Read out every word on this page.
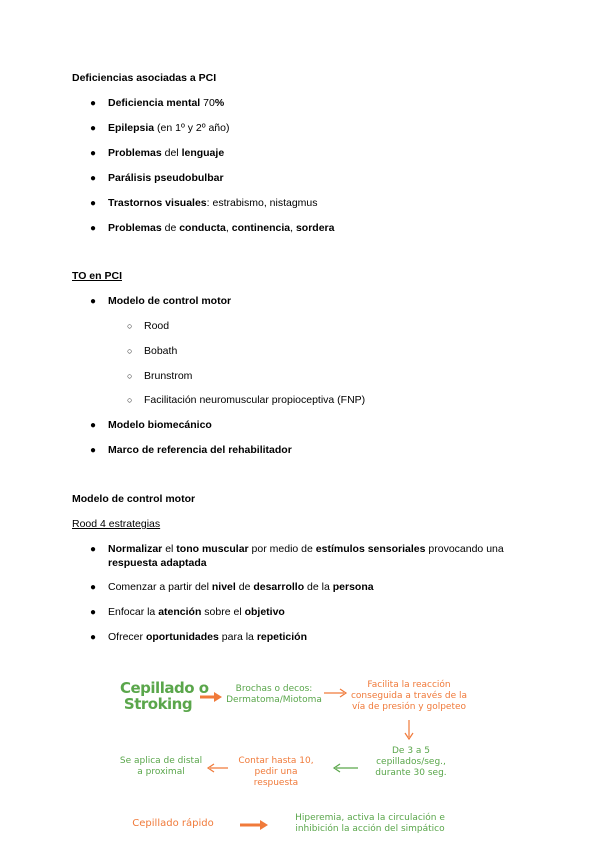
Deficiencias asociadas a PCI
● Deficiencia mental 70%
● Epilepsia (en 1º y 2º año)
● Problemas del lenguaje
● Parálisis pseudobulbar
● Trastornos visuales: estrabismo, nistagmus
● Problemas de conducta, continencia, sordera
TO en PCI
● Modelo de control motor
○ Rood
○ Bobath
○ Brunstrom
○ Facilitación neuromuscular propioceptiva (FNP)
● Modelo biomecánico
● Marco de referencia del rehabilitador
Modelo de control motor
Rood 4 estrategias
● Normalizar el tono muscular por medio de estímulos sensoriales provocando una
respuesta adaptada
● Comenzar a partir del nivel de desarrollo de la persona
● Enfocar la atención sobre el objetivo
● Ofrecer oportunidades para la repetición
Cepillado o
Stroking
Brochas o decos:
Dermatoma/Miotoma
Facilita la reacción
conseguida a través de la
vía de presión y golpeteo
De 3 a 5
cepillados/seg.,
durante 30 seg.
Contar hasta 10,
pedir una
respuesta
Se aplica de distal
a proximal
Cepillado rápido	Hiperemia, activa la circulación e
inhibición la acción del simpático
